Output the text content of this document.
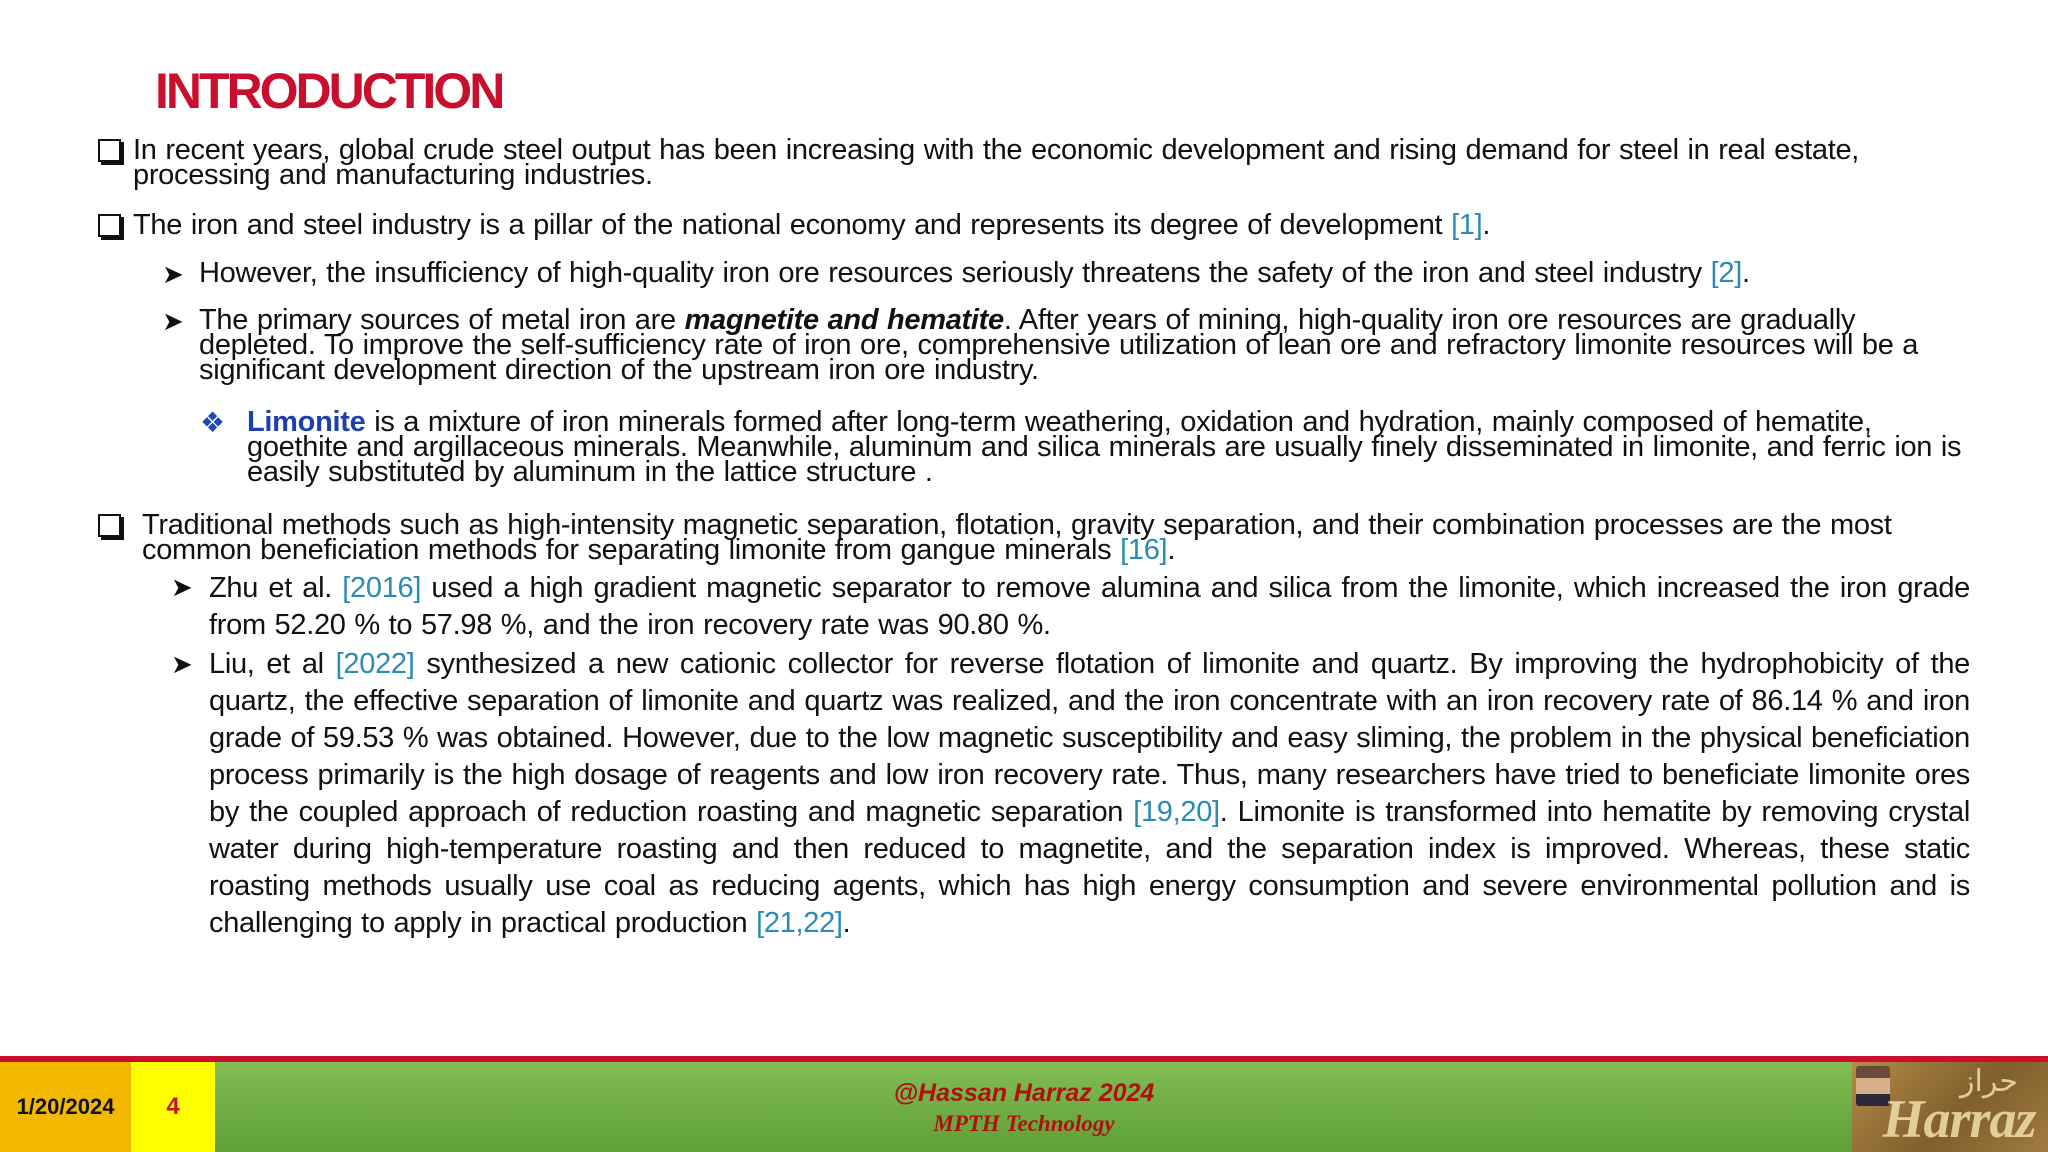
INTRODUCTION
In recent years, global crude steel output has been increasing with the economic development and rising demand for steel in real estate, processing and manufacturing industries.
The iron and steel industry is a pillar of the national economy and represents its degree of development [1].
➤ However, the insufficiency of high-quality iron ore resources seriously threatens the safety of the iron and steel industry [2].
➤ The primary sources of metal iron are magnetite and hematite. After years of mining, high-quality iron ore resources are gradually depleted. To improve the self-sufficiency rate of iron ore, comprehensive utilization of lean ore and refractory limonite resources will be a significant development direction of the upstream iron ore industry.
❖ Limonite is a mixture of iron minerals formed after long-term weathering, oxidation and hydration, mainly composed of hematite, goethite and argillaceous minerals. Meanwhile, aluminum and silica minerals are usually finely disseminated in limonite, and ferric ion is easily substituted by aluminum in the lattice structure .
Traditional methods such as high-intensity magnetic separation, flotation, gravity separation, and their combination processes are the most common beneficiation methods for separating limonite from gangue minerals [16].
➤ Zhu et al. [2016] used a high gradient magnetic separator to remove alumina and silica from the limonite, which increased the iron grade from 52.20 % to 57.98 %, and the iron recovery rate was 90.80 %.
➤ Liu, et al [2022] synthesized a new cationic collector for reverse flotation of limonite and quartz. By improving the hydrophobicity of the quartz, the effective separation of limonite and quartz was realized, and the iron concentrate with an iron recovery rate of 86.14 % and iron grade of 59.53 % was obtained. However, due to the low magnetic susceptibility and easy sliming, the problem in the physical beneficiation process primarily is the high dosage of reagents and low iron recovery rate. Thus, many researchers have tried to beneficiate limonite ores by the coupled approach of reduction roasting and magnetic separation [19,20]. Limonite is transformed into hematite by removing crystal water during high-temperature roasting and then reduced to magnetite, and the separation index is improved. Whereas, these static roasting methods usually use coal as reducing agents, which has high energy consumption and severe environmental pollution and is challenging to apply in practical production [21,22].
1/20/2024	4	@Hassan Harraz 2024
MPTH Technology
حراز
Harraz
